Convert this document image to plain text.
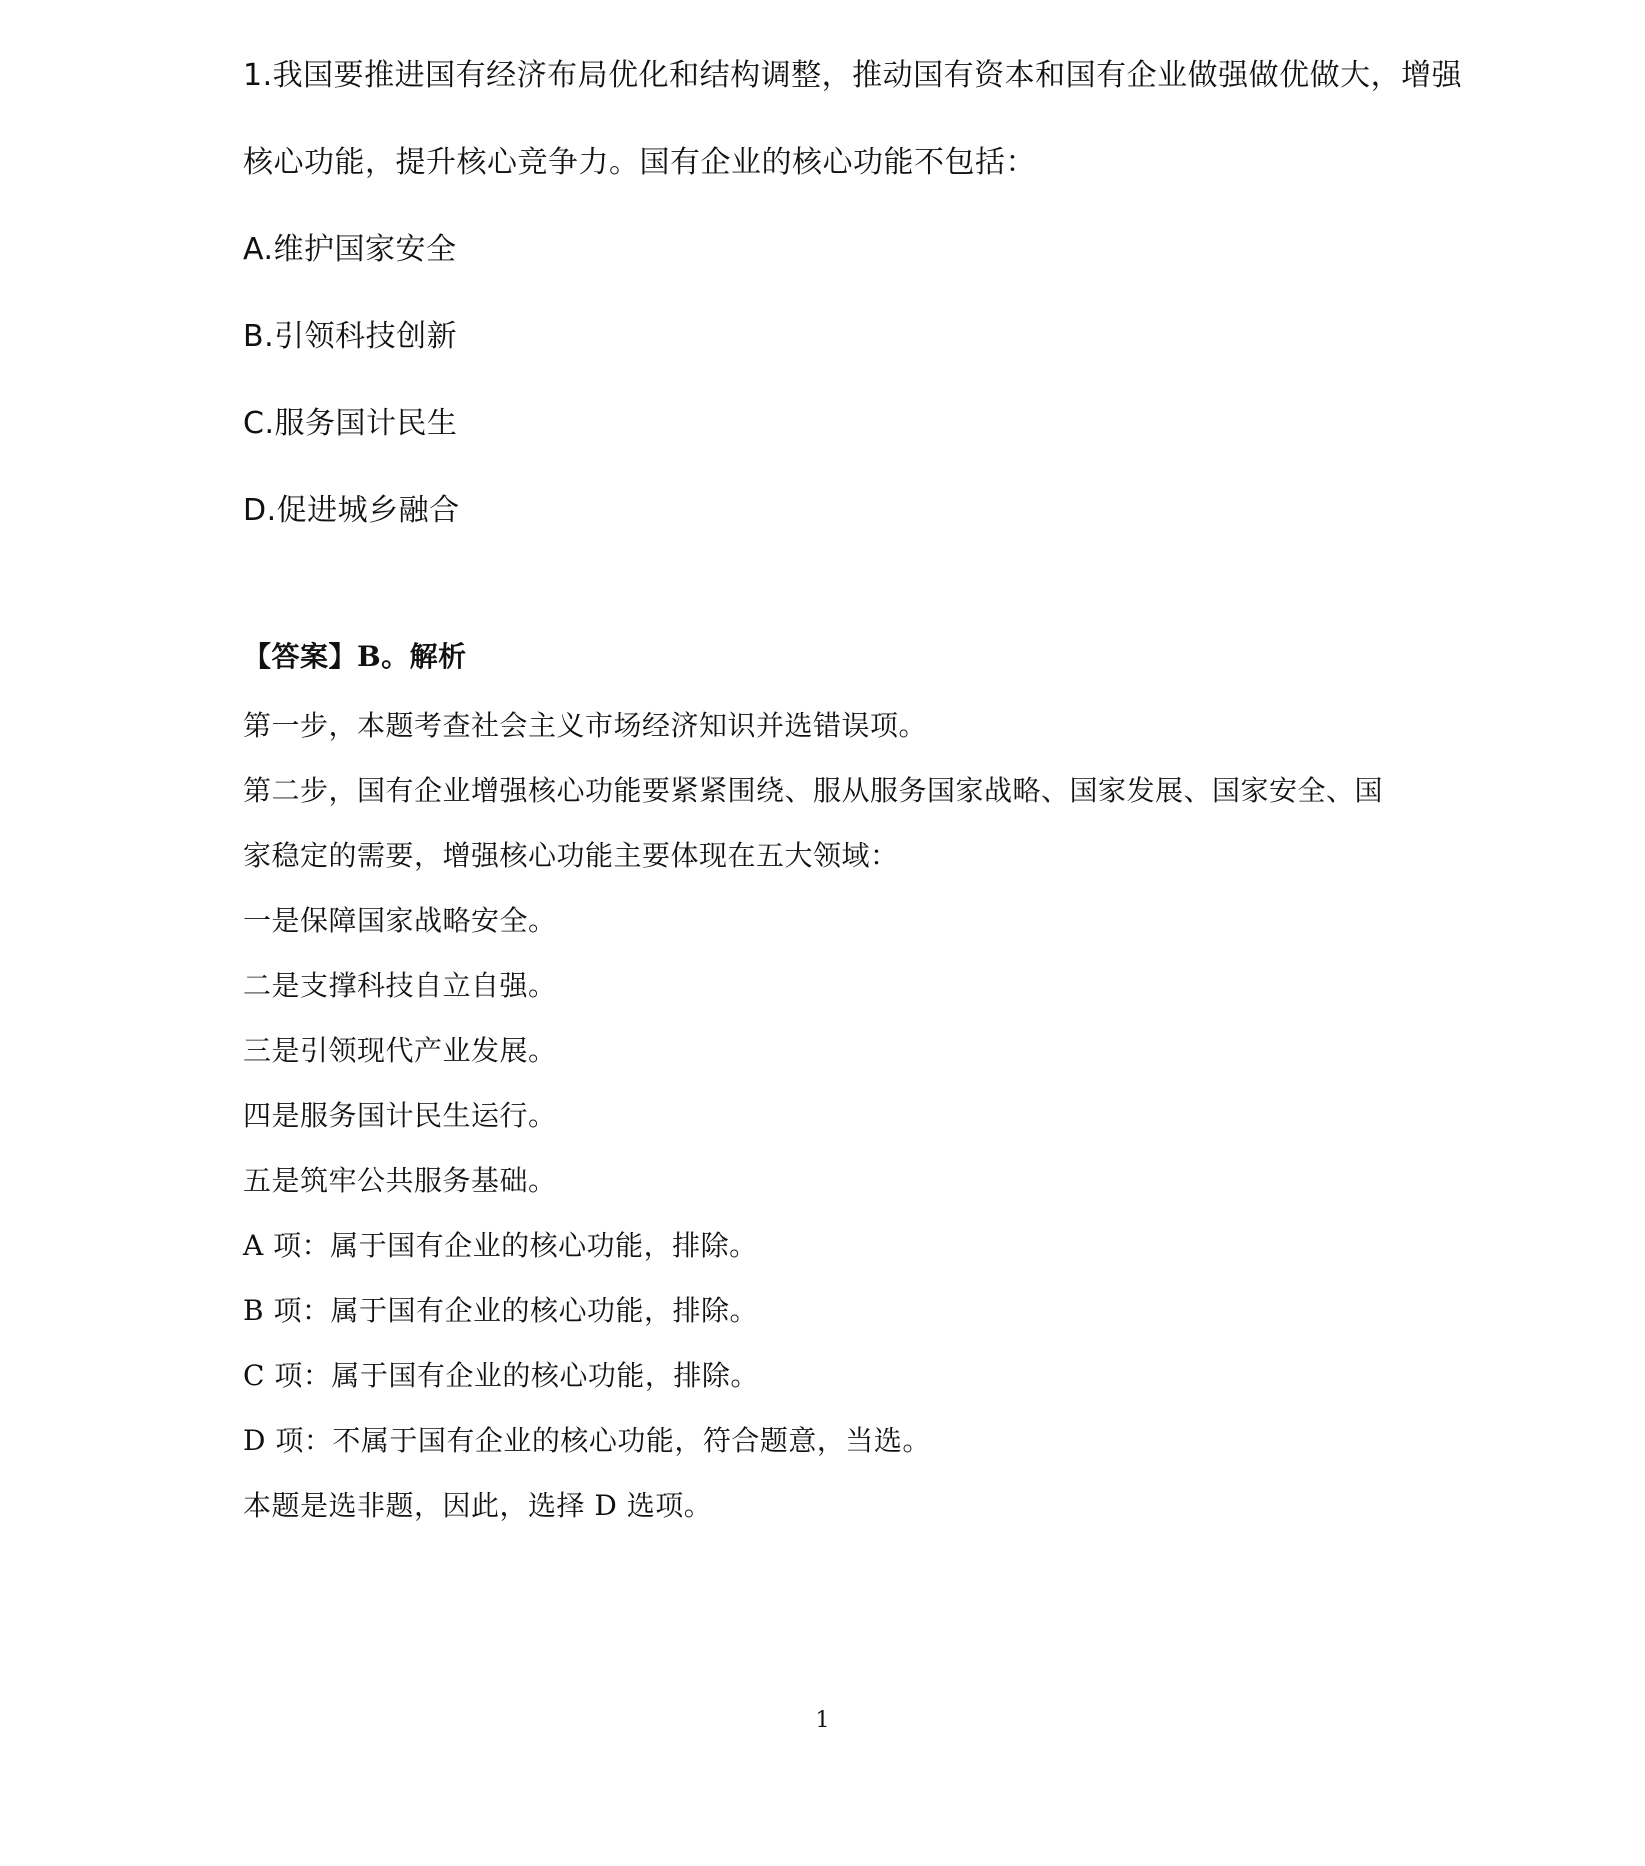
1.我国要推进国有经济布局优化和结构调整，推动国有资本和国有企业做强做优做大，增强
核心功能，提升核心竞争力。国有企业的核心功能不包括：
A.维护国家安全
B.引领科技创新
C.服务国计民生
D.促进城乡融合
【答案】B。解析
第一步，本题考查社会主义市场经济知识并选错误项。
第二步，国有企业增强核心功能要紧紧围绕、服从服务国家战略、国家发展、国家安全、国
家稳定的需要，增强核心功能主要体现在五大领域：
一是保障国家战略安全。
二是支撑科技自立自强。
三是引领现代产业发展。
四是服务国计民生运行。
五是筑牢公共服务基础。
A 项：属于国有企业的核心功能，排除。
B 项：属于国有企业的核心功能，排除。
C 项：属于国有企业的核心功能，排除。
D 项：不属于国有企业的核心功能，符合题意，当选。
本题是选非题，因此，选择 D 选项。
1
